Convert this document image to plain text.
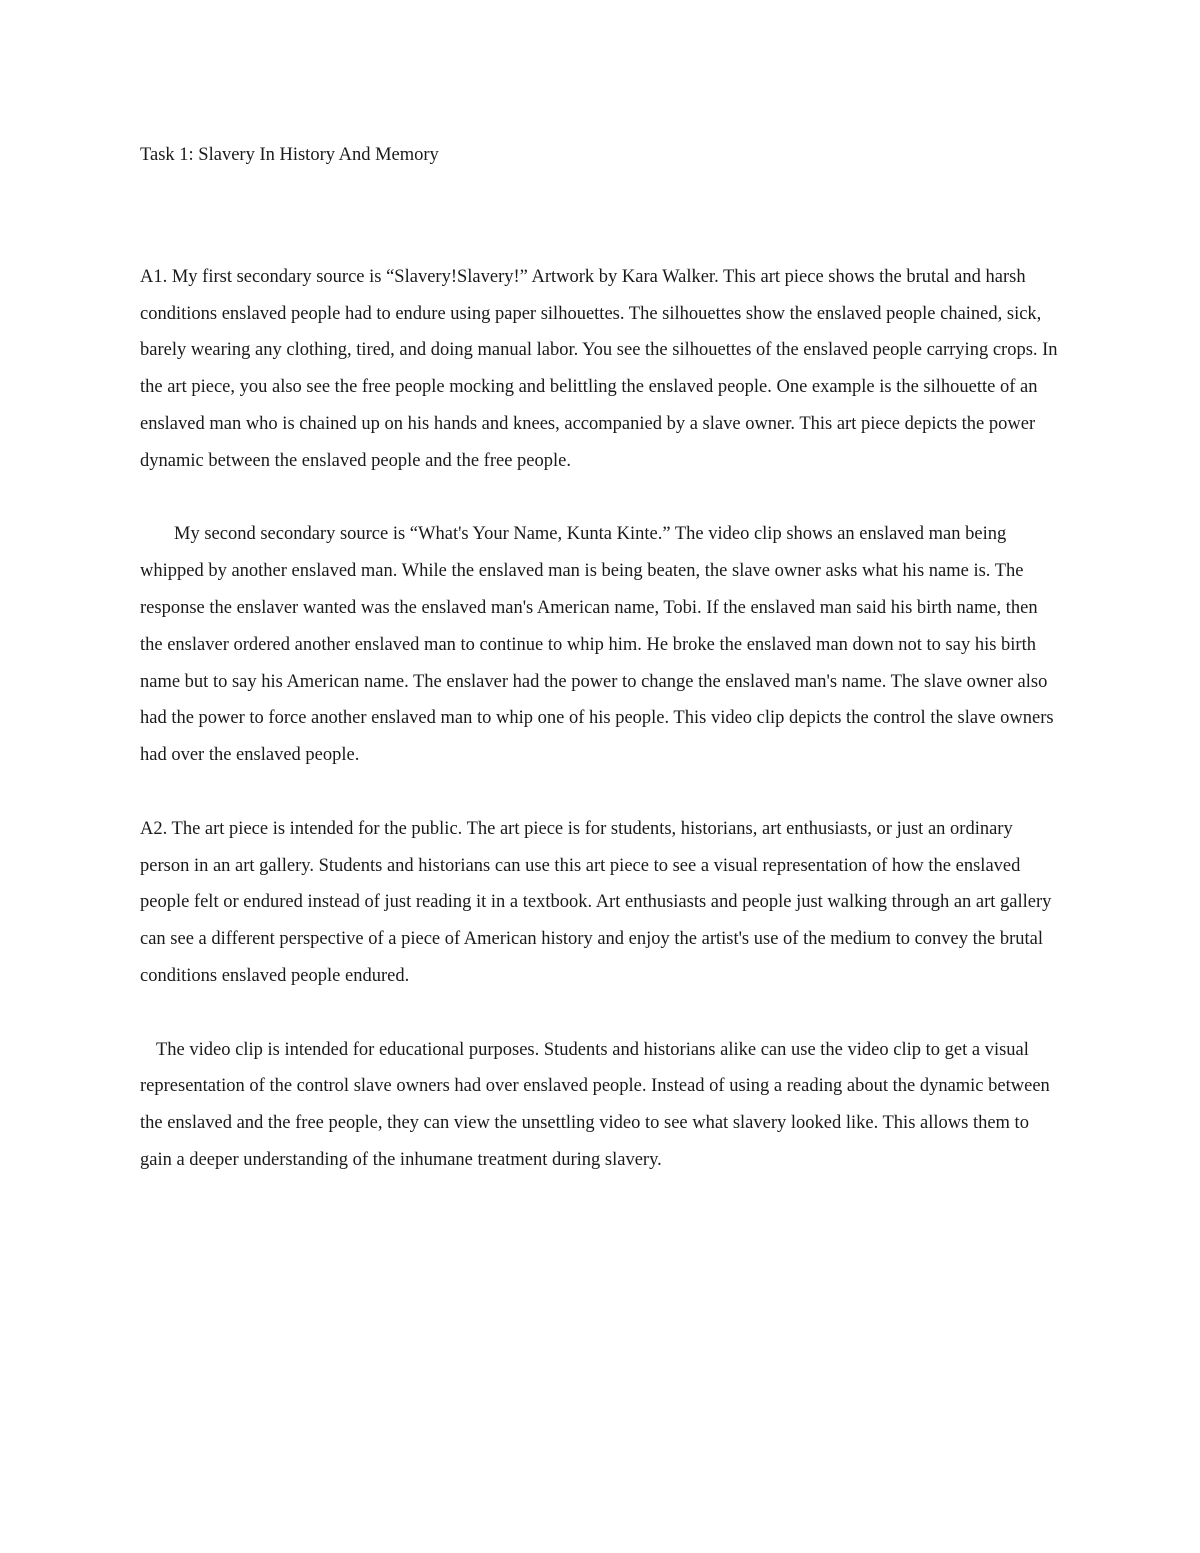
Task 1: Slavery In History And Memory

A1. My first secondary source is “Slavery!Slavery!” Artwork by Kara Walker. This art piece shows the brutal and harsh conditions enslaved people had to endure using paper silhouettes. The silhouettes show the enslaved people chained, sick, barely wearing any clothing, tired, and doing manual labor. You see the silhouettes of the enslaved people carrying crops. In the art piece, you also see the free people mocking and belittling the enslaved people. One example is the silhouette of an enslaved man who is chained up on his hands and knees, accompanied by a slave owner. This art piece depicts the power dynamic between the enslaved people and the free people.

My second secondary source is “What's Your Name, Kunta Kinte.” The video clip shows an enslaved man being whipped by another enslaved man. While the enslaved man is being beaten, the slave owner asks what his name is. The response the enslaver wanted was the enslaved man's American name, Tobi. If the enslaved man said his birth name, then the enslaver ordered another enslaved man to continue to whip him. He broke the enslaved man down not to say his birth name but to say his American name. The enslaver had the power to change the enslaved man's name. The slave owner also had the power to force another enslaved man to whip one of his people. This video clip depicts the control the slave owners had over the enslaved people.

A2. The art piece is intended for the public. The art piece is for students, historians, art enthusiasts, or just an ordinary person in an art gallery. Students and historians can use this art piece to see a visual representation of how the enslaved people felt or endured instead of just reading it in a textbook. Art enthusiasts and people just walking through an art gallery can see a different perspective of a piece of American history and enjoy the artist's use of the medium to convey the brutal conditions enslaved people endured.

The video clip is intended for educational purposes. Students and historians alike can use the video clip to get a visual representation of the control slave owners had over enslaved people. Instead of using a reading about the dynamic between the enslaved and the free people, they can view the unsettling video to see what slavery looked like. This allows them to gain a deeper understanding of the inhumane treatment during slavery.
